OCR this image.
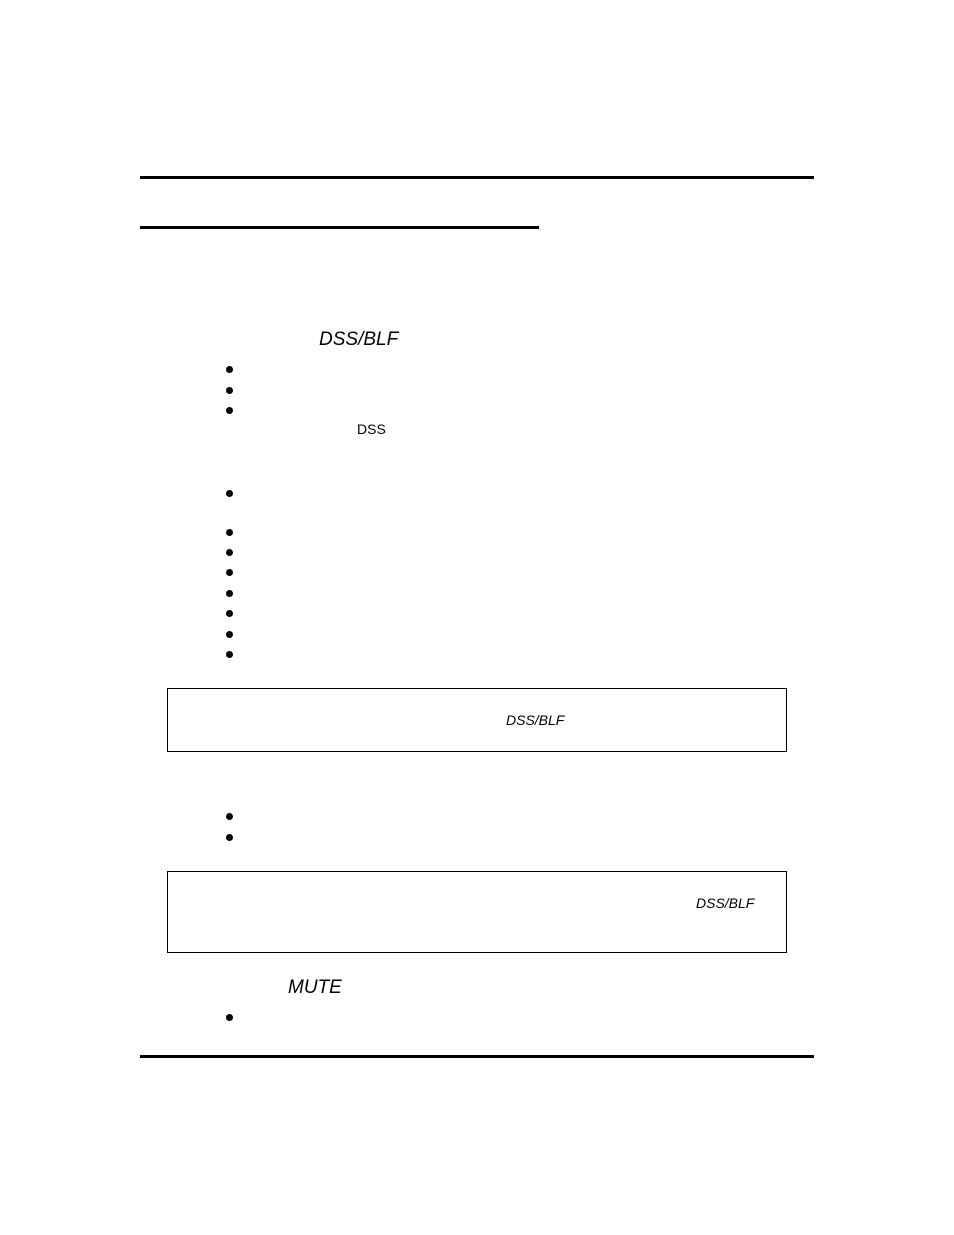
DSS/BLF
DSS
DSS/BLF
DSS/BLF
MUTE
